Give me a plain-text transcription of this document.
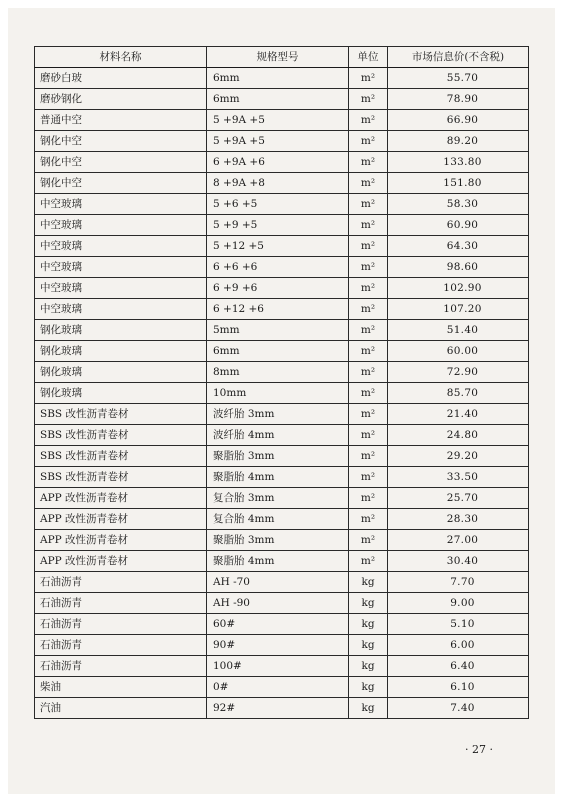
材料名称	规格型号	单位	市场信息价(不含税)
磨砂白玻	6mm	m²	55.70
磨砂钢化	6mm	m²	78.90
普通中空	5 +9A +5	m²	66.90
钢化中空	5 +9A +5	m²	89.20
钢化中空	6 +9A +6	m²	133.80
钢化中空	8 +9A +8	m²	151.80
中空玻璃	5 +6 +5	m²	58.30
中空玻璃	5 +9 +5	m²	60.90
中空玻璃	5 +12 +5	m²	64.30
中空玻璃	6 +6 +6	m²	98.60
中空玻璃	6 +9 +6	m²	102.90
中空玻璃	6 +12 +6	m²	107.20
钢化玻璃	5mm	m²	51.40
钢化玻璃	6mm	m²	60.00
钢化玻璃	8mm	m²	72.90
钢化玻璃	10mm	m²	85.70
SBS 改性沥青卷材	波纤胎 3mm	m²	21.40
SBS 改性沥青卷材	波纤胎 4mm	m²	24.80
SBS 改性沥青卷材	聚脂胎 3mm	m²	29.20
SBS 改性沥青卷材	聚脂胎 4mm	m²	33.50
APP 改性沥青卷材	复合胎 3mm	m²	25.70
APP 改性沥青卷材	复合胎 4mm	m²	28.30
APP 改性沥青卷材	聚脂胎 3mm	m²	27.00
APP 改性沥青卷材	聚脂胎 4mm	m²	30.40
石油沥青	AH -70	kg	7.70
石油沥青	AH -90	kg	9.00
石油沥青	60#	kg	5.10
石油沥青	90#	kg	6.00
石油沥青	100#	kg	6.40
柴油	0#	kg	6.10
汽油	92#	kg	7.40
· 27 ·
